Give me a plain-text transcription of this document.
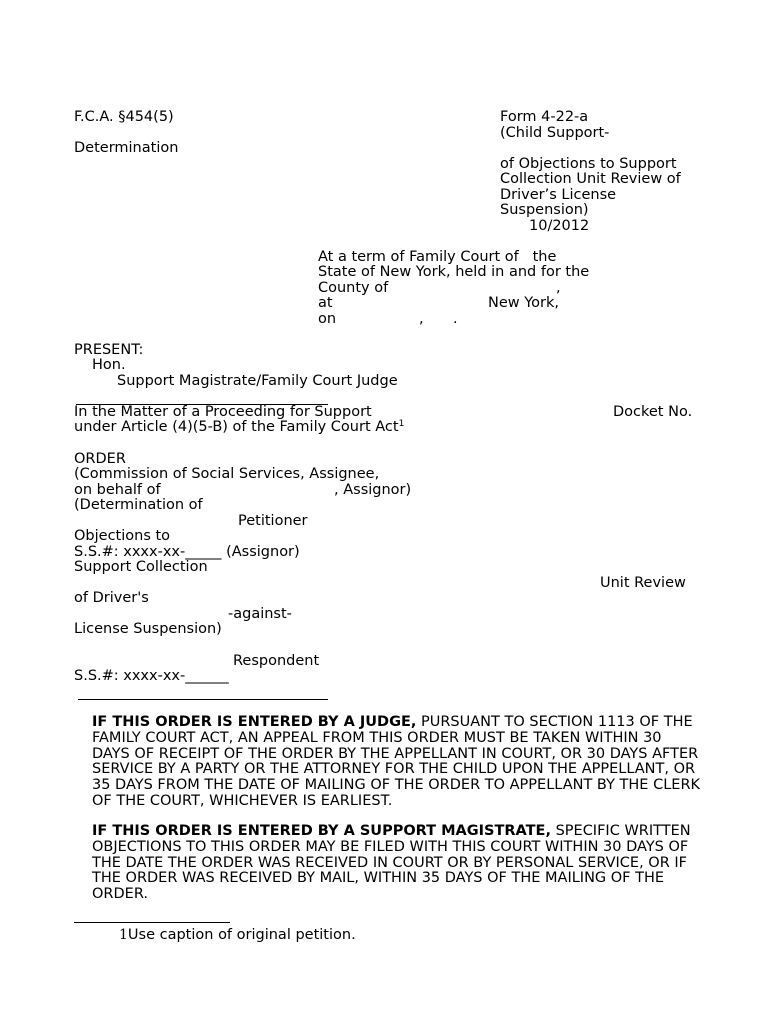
F.C.A. §454(5)
Determination
Form 4-22-a
(Child Support-
of Objections to Support
Collection Unit Review of
Driver’s License
Suspension)
10/2012
At a term of Family Court of   the
State of New York, held in and for the
County of	,
at	New York,
on	, .
PRESENT:
Hon.
Support Magistrate/Family Court Judge
In the Matter of a Proceeding for Support	Docket No.
under Article (4)(5-B) of the Family Court Act$^1$
ORDER
(Commission of Social Services, Assignee,
on behalf of	, Assignor)
(Determination of
Petitioner
Objections to
S.S.#: xxxx-xx-_____ (Assignor)
Support Collection
Unit Review
of Driver's
-against-
License Suspension)
Respondent
S.S.#: xxxx-xx-______
IF THIS ORDER IS ENTERED BY A JUDGE, PURSUANT TO SECTION 1113 OF THE FAMILY COURT ACT, AN APPEAL FROM THIS ORDER MUST BE TAKEN WITHIN 30 DAYS OF RECEIPT OF THE ORDER BY THE APPELLANT IN COURT, OR 30 DAYS AFTER SERVICE BY A PARTY OR THE ATTORNEY FOR THE CHILD UPON THE APPELLANT, OR 35 DAYS FROM THE DATE OF MAILING OF THE ORDER TO APPELLANT BY THE CLERK OF THE COURT, WHICHEVER IS EARLIEST.
IF THIS ORDER IS ENTERED BY A SUPPORT MAGISTRATE, SPECIFIC WRITTEN OBJECTIONS TO THIS ORDER MAY BE FILED WITH THIS COURT WITHIN 30 DAYS OF THE DATE THE ORDER WAS RECEIVED IN COURT OR BY PERSONAL SERVICE, OR IF THE ORDER WAS RECEIVED BY MAIL, WITHIN 35 DAYS OF THE MAILING OF THE ORDER.
1Use caption of original petition.
